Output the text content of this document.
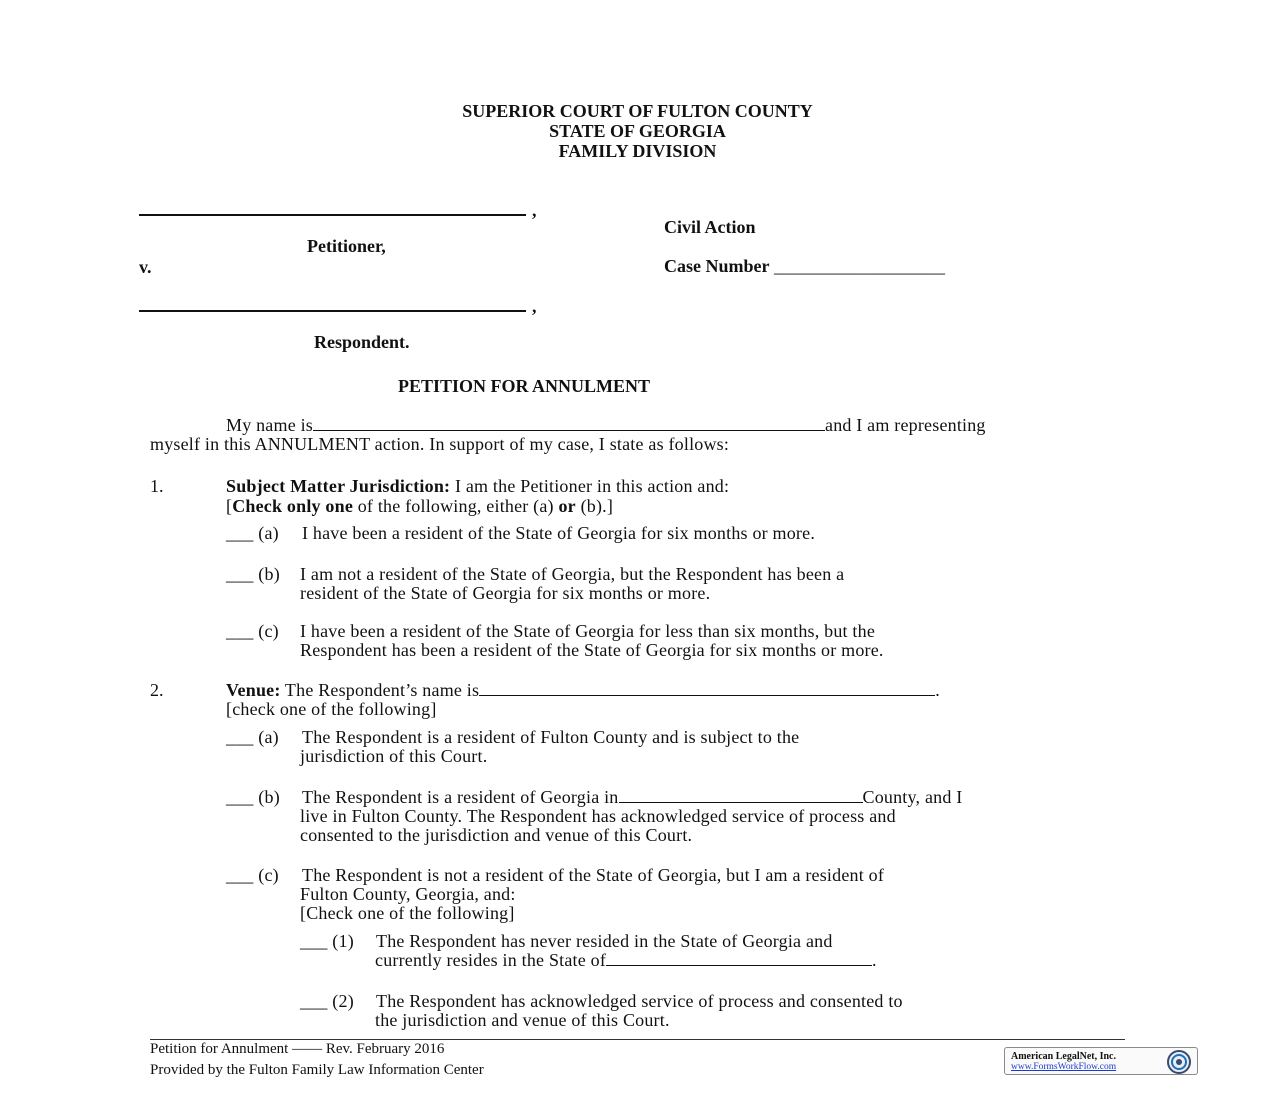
SUPERIOR COURT OF FULTON COUNTY
STATE OF GEORGIA
FAMILY DIVISION
,
Petitioner,
v.
,
Respondent.
Civil Action
Case Number ___________________
PETITION FOR ANNULMENT
My name is	and I am representing
myself in this ANNULMENT action. In support of my case, I state as follows:
1.	Subject Matter Jurisdiction: I am the Petitioner in this action and:
[Check only one of the following, either (a) or (b).]
___ (a) I have been a resident of the State of Georgia for six months or more.
___ (b) I am not a resident of the State of Georgia, but the Respondent has been a
resident of the State of Georgia for six months or more.
___ (c) I have been a resident of the State of Georgia for less than six months, but the
Respondent has been a resident of the State of Georgia for six months or more.
2.	Venue: The Respondent’s name is	.
[check one of the following]
___ (a) The Respondent is a resident of Fulton County and is subject to the
jurisdiction of this Court.
___ (b) The Respondent is a resident of Georgia in	County, and I
live in Fulton County. The Respondent has acknowledged service of process and
consented to the jurisdiction and venue of this Court.
___ (c) The Respondent is not a resident of the State of Georgia, but I am a resident of
Fulton County, Georgia, and:
[Check one of the following]
___ (1) The Respondent has never resided in the State of Georgia and
currently resides in the State of	.
___ (2) The Respondent has acknowledged service of process and consented to
the jurisdiction and venue of this Court.
Petition for Annulment —— Rev. February 2016
Provided by the Fulton Family Law Information Center
American LegalNet, Inc.
www.FormsWorkFlow.com
